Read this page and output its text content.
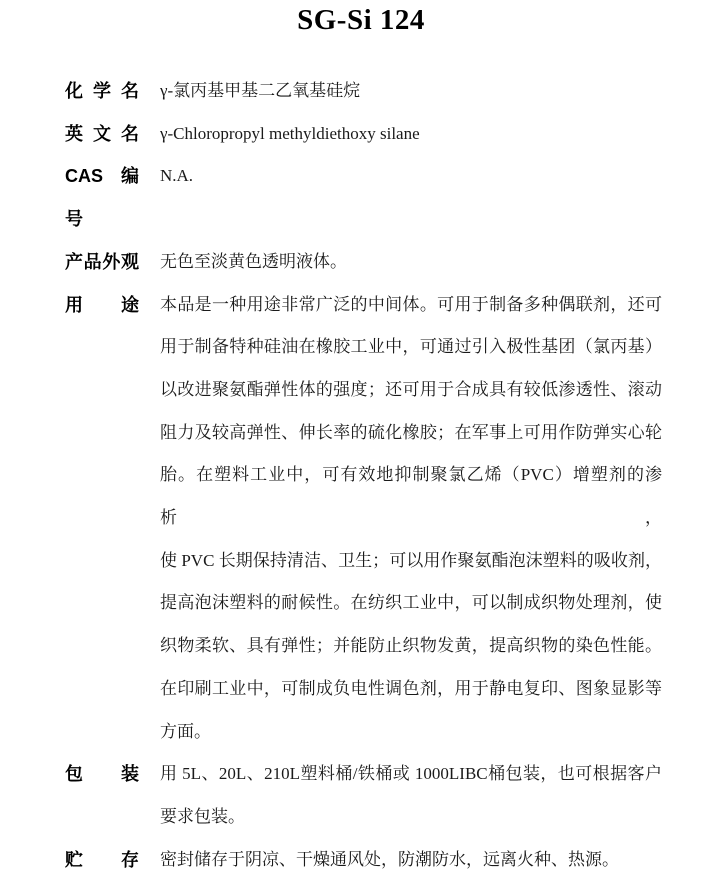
SG-Si 124
化 学 名 γ-氯丙基甲基二乙氧基硅烷
英 文 名 γ-Chloropropyl methyldiethoxy silane
CAS 编号
N.A.
产品外观 无色至淡黄色透明液体。
用 途 本品是一种用途非常广泛的中间体。可用于制备多种偶联剂，还可
用于制备特种硅油在橡胶工业中，可通过引入极性基团（氯丙基）
以改进聚氨酯弹性体的强度；还可用于合成具有较低渗透性、滚动
阻力及较高弹性、伸长率的硫化橡胶；在军事上可用作防弹实心轮
胎。在塑料工业中，可有效地抑制聚氯乙烯（PVC）增塑剂的渗析，
使 PVC 长期保持清洁、卫生；可以用作聚氨酯泡沫塑料的吸收剂，
提高泡沫塑料的耐候性。在纺织工业中，可以制成织物处理剂，使
织物柔软、具有弹性；并能防止织物发黄，提高织物的染色性能。
在印刷工业中，可制成负电性调色剂，用于静电复印、图象显影等
方面。
包 装 用 5L、20L、210L塑料桶/铁桶或 1000LIBC桶包装，也可根据客户
要求包装。
贮 存 密封储存于阴凉、干燥通风处，防潮防水，远离火种、热源。
